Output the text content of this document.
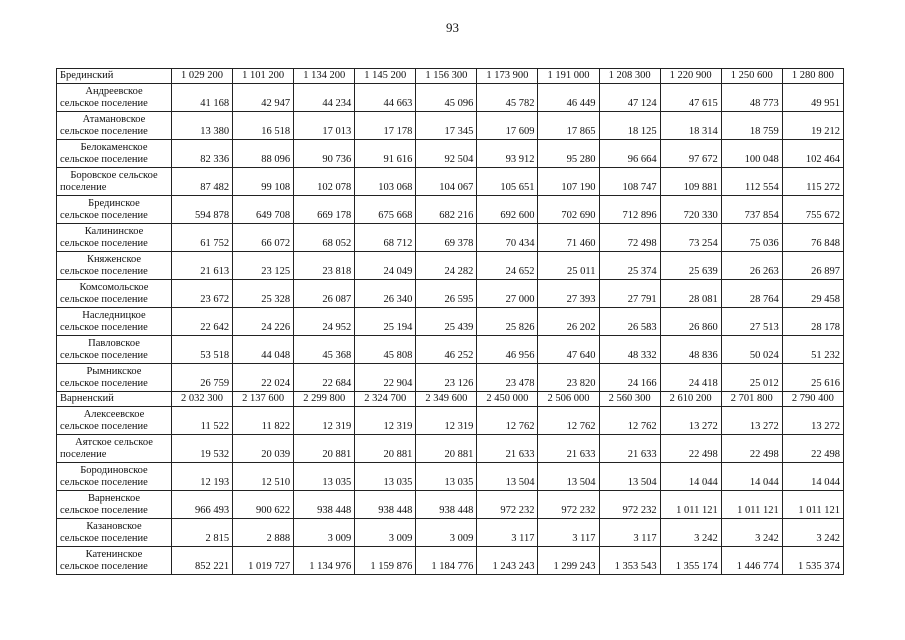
93
Брединский	1 029 200	1 101 200	1 134 200	1 145 200	1 156 300	1 173 900	1 191 000	1 208 300	1 220 900	1 250 600	1 280 800

Андреевское
сельское поселение	41 168	42 947	44 234	44 663	45 096	45 782	46 449	47 124	47 615	48 773	49 951

Атамановское
сельское поселение	13 380	16 518	17 013	17 178	17 345	17 609	17 865	18 125	18 314	18 759	19 212

Белокаменское
сельское поселение	82 336	88 096	90 736	91 616	92 504	93 912	95 280	96 664	97 672	100 048	102 464

Боровское сельское
поселение	87 482	99 108	102 078	103 068	104 067	105 651	107 190	108 747	109 881	112 554	115 272

Брединское
сельское поселение	594 878	649 708	669 178	675 668	682 216	692 600	702 690	712 896	720 330	737 854	755 672

Калининское
сельское поселение	61 752	66 072	68 052	68 712	69 378	70 434	71 460	72 498	73 254	75 036	76 848

Княженское
сельское поселение	21 613	23 125	23 818	24 049	24 282	24 652	25 011	25 374	25 639	26 263	26 897

Комсомольское
сельское поселение	23 672	25 328	26 087	26 340	26 595	27 000	27 393	27 791	28 081	28 764	29 458

Наследницкое
сельское поселение	22 642	24 226	24 952	25 194	25 439	25 826	26 202	26 583	26 860	27 513	28 178

Павловское
сельское поселение	53 518	44 048	45 368	45 808	46 252	46 956	47 640	48 332	48 836	50 024	51 232

Рымникское
сельское поселение	26 759	22 024	22 684	22 904	23 126	23 478	23 820	24 166	24 418	25 012	25 616

Варненский	2 032 300	2 137 600	2 299 800	2 324 700	2 349 600	2 450 000	2 506 000	2 560 300	2 610 200	2 701 800	2 790 400

Алексеевское
сельское поселение	11 522	11 822	12 319	12 319	12 319	12 762	12 762	12 762	13 272	13 272	13 272

Аятское сельское
поселение	19 532	20 039	20 881	20 881	20 881	21 633	21 633	21 633	22 498	22 498	22 498

Бородиновское
сельское поселение	12 193	12 510	13 035	13 035	13 035	13 504	13 504	13 504	14 044	14 044	14 044

Варненское
сельское поселение	966 493	900 622	938 448	938 448	938 448	972 232	972 232	972 232	1 011 121	1 011 121	1 011 121

Казановское
сельское поселение	2 815	2 888	3 009	3 009	3 009	3 117	3 117	3 117	3 242	3 242	3 242

Катенинское
сельское поселение	852 221	1 019 727	1 134 976	1 159 876	1 184 776	1 243 243	1 299 243	1 353 543	1 355 174	1 446 774	1 535 374
